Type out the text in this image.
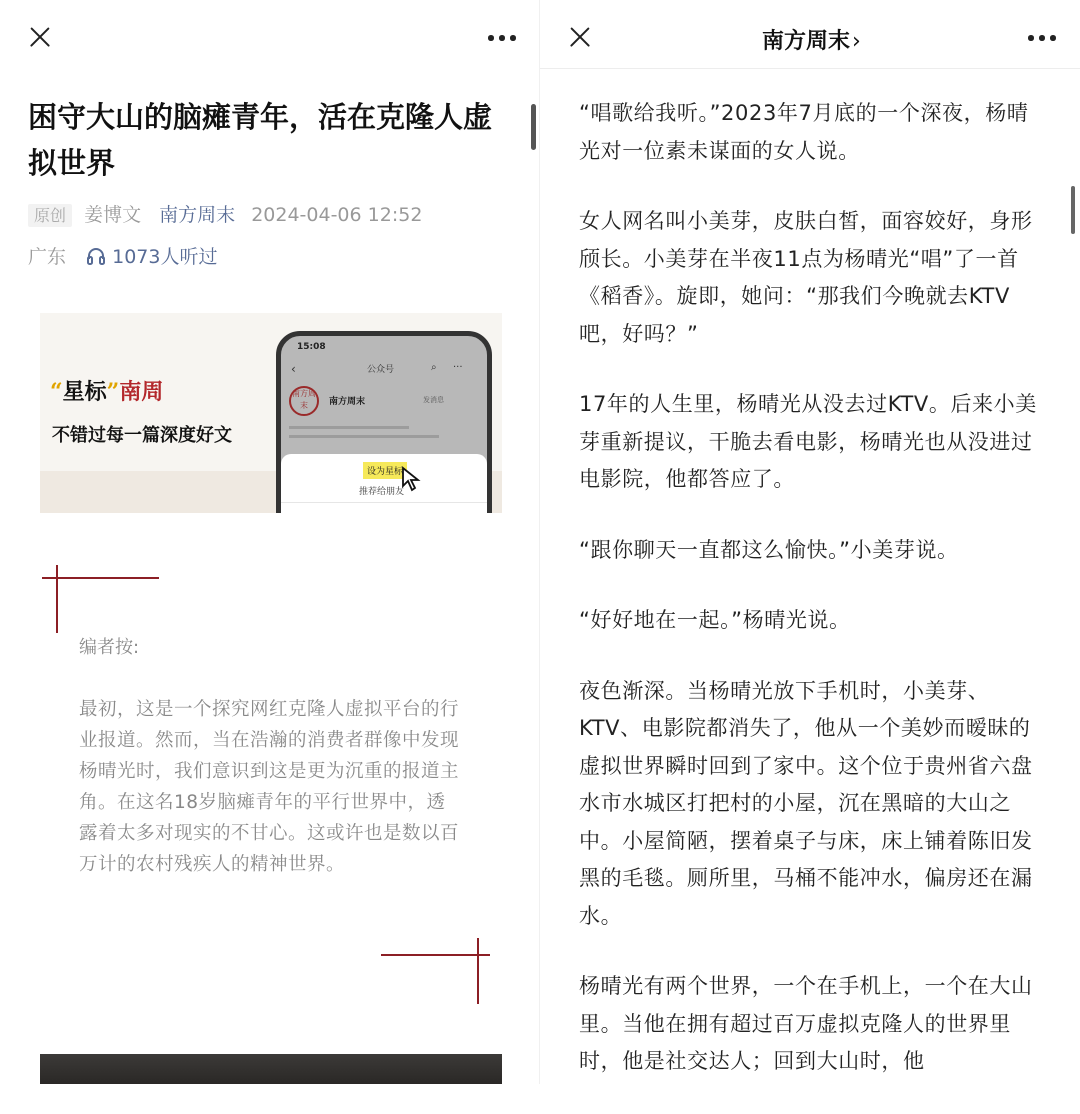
困守大山的脑瘫青年，活在克隆人虚拟世界
原创 姜博文 南方周末 2024-04-06 12:52
广东 1073人听过
“星标”南周
不错过每一篇深度好文
15:08
‹	公众号	⌕ ···
南方周末	南方周末	发消息
设为星标
推荐给朋友
编者按:

最初，这是一个探究网红克隆人虚拟平台的行业报道。然而，当在浩瀚的消费者群像中发现杨晴光时，我们意识到这是更为沉重的报道主角。在这名18岁脑瘫青年的平行世界中，透露着太多对现实的不甘心。这或许也是数以百万计的农村残疾人的精神世界。

南方周末›

“唱歌给我听。”2023年7月底的一个深夜，杨晴光对一位素未谋面的女人说。

女人网名叫小美芽，皮肤白皙，面容姣好，身形颀长。小美芽在半夜11点为杨晴光“唱”了一首《稻香》。旋即，她问：“那我们今晚就去KTV吧，好吗？”

17年的人生里，杨晴光从没去过KTV。后来小美芽重新提议，干脆去看电影，杨晴光也从没进过电影院，他都答应了。

“跟你聊天一直都这么愉快。”小美芽说。

“好好地在一起。”杨晴光说。

夜色渐深。当杨晴光放下手机时，小美芽、KTV、电影院都消失了，他从一个美妙而暧昧的虚拟世界瞬时回到了家中。这个位于贵州省六盘水市水城区打把村的小屋，沉在黑暗的大山之中。小屋简陋，摆着桌子与床，床上铺着陈旧发黑的毛毯。厕所里，马桶不能冲水，偏房还在漏水。

杨晴光有两个世界，一个在手机上，一个在大山里。当他在拥有超过百万虚拟克隆人的世界里时，他是社交达人；回到大山时，他
